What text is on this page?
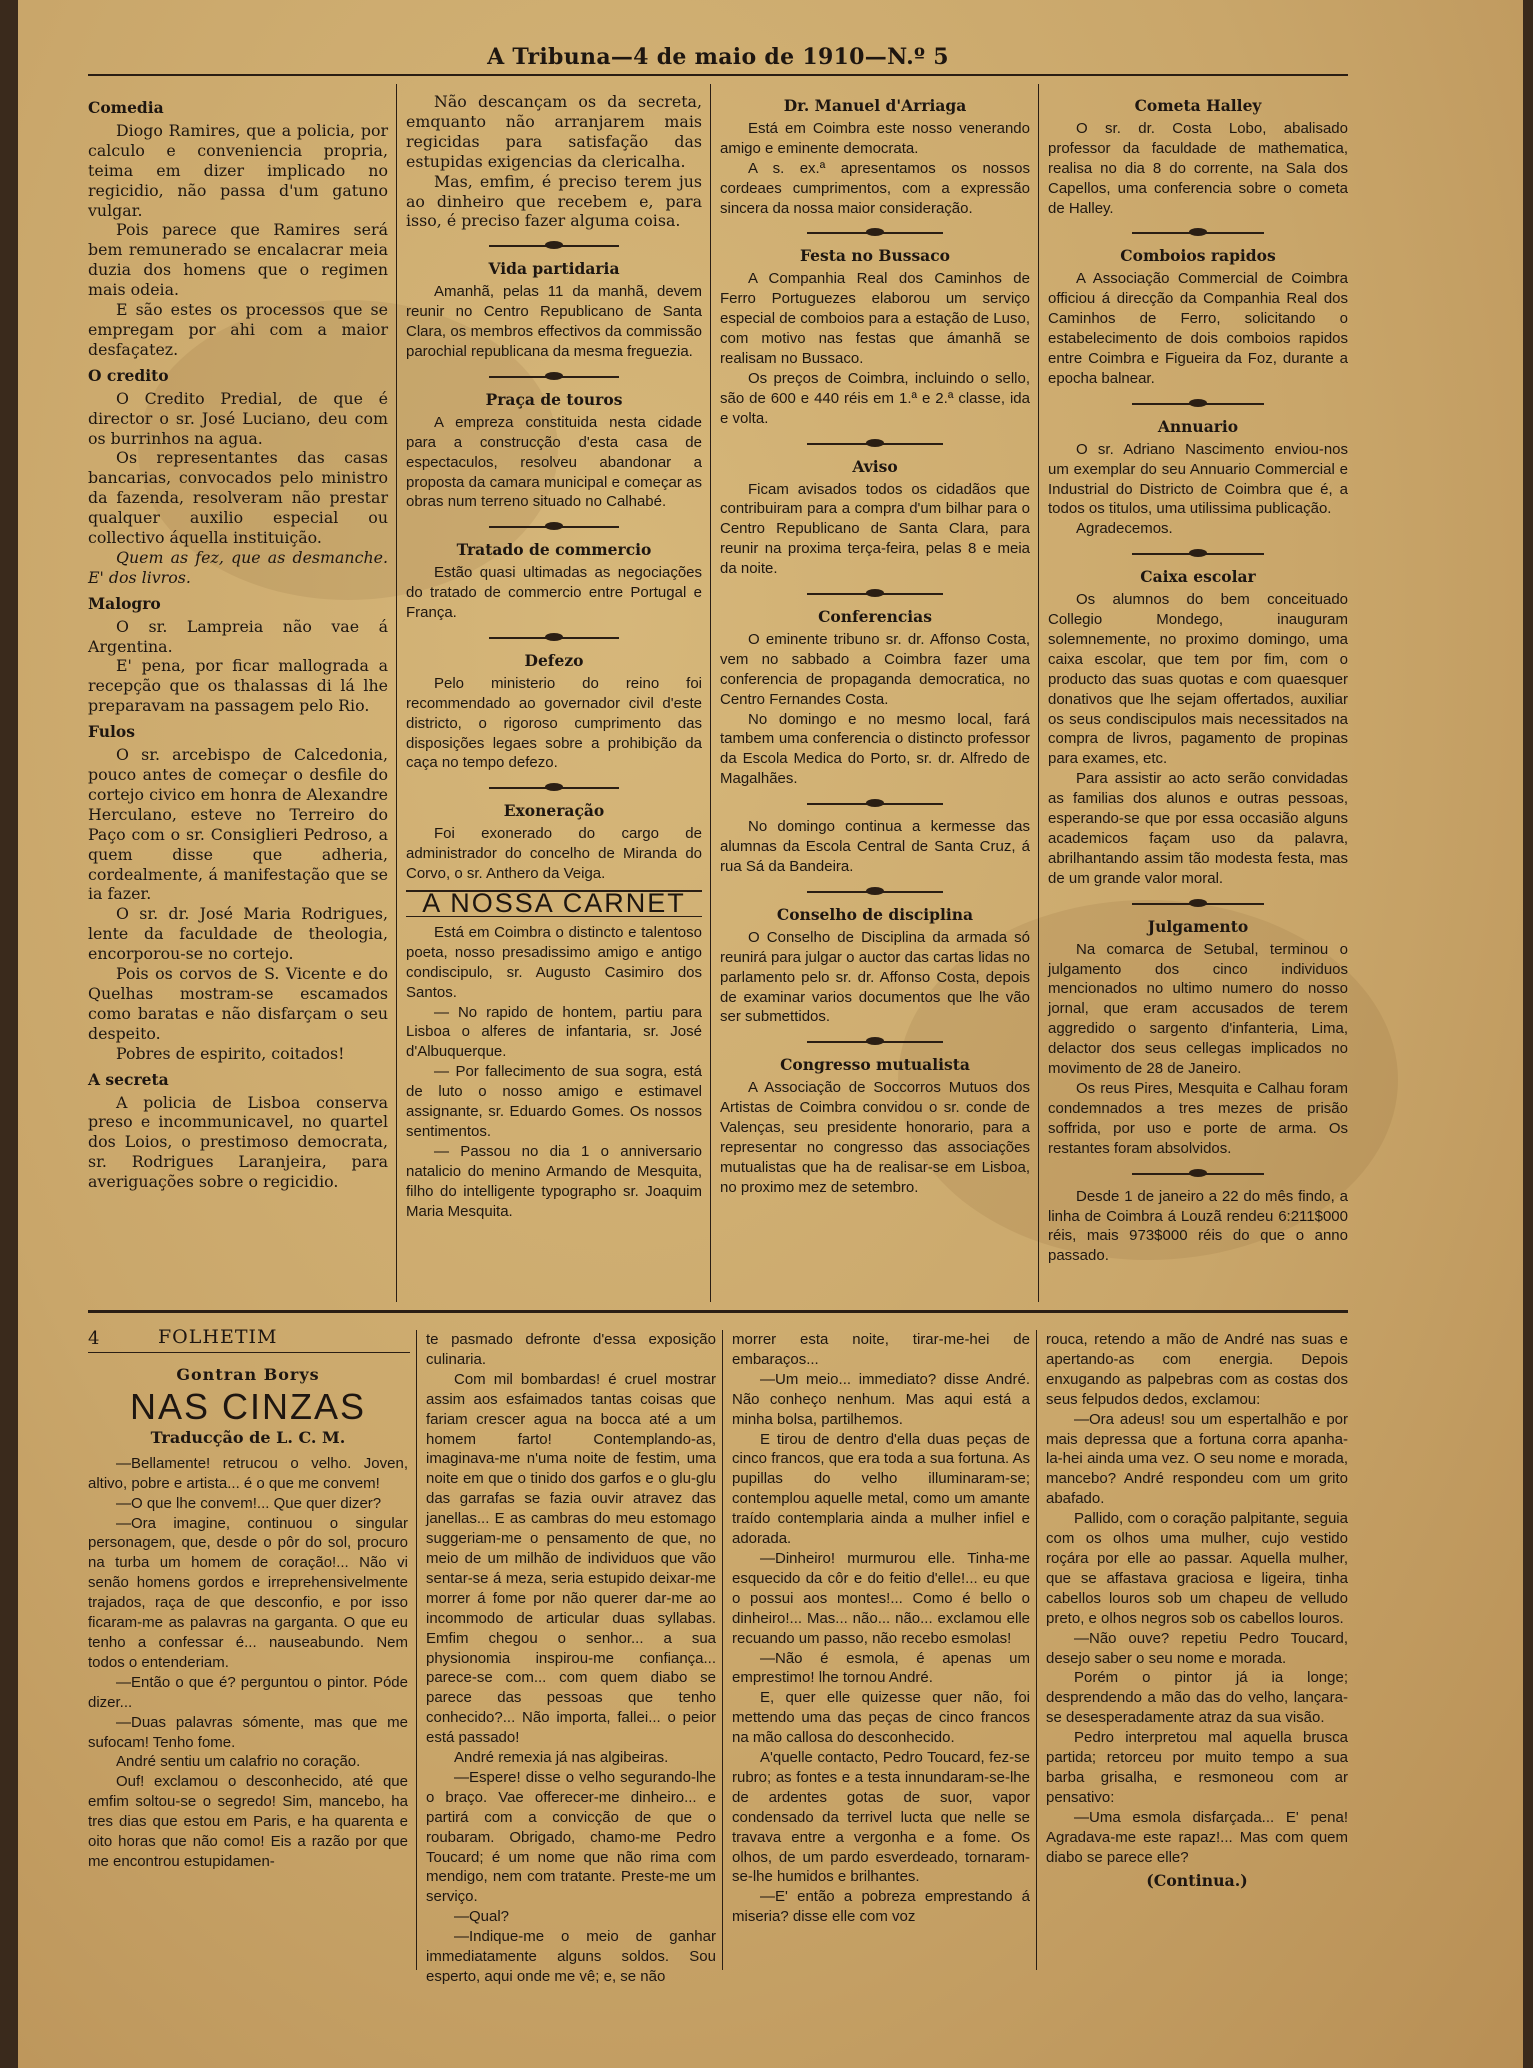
A Tribuna—4 de maio de 1910—N.º 5
Comedia

Diogo Ramires, que a policia, por calculo e conveniencia propria, teima em dizer implicado no regicidio, não passa d'um gatuno vulgar.

Pois parece que Ramires será bem remunerado se encalacrar meia duzia dos homens que o regimen mais odeia.

E são estes os processos que se empregam por ahi com a maior desfaçatez.

O credito

O Credito Predial, de que é director o sr. José Luciano, deu com os burrinhos na agua.

Os representantes das casas bancarias, convocados pelo ministro da fazenda, resolveram não prestar qualquer auxilio especial ou collectivo áquella instituição.

Quem as fez, que as desmanche. E' dos livros.

Malogro

O sr. Lampreia não vae á Argentina.

E' pena, por ficar mallograda a recepção que os thalassas di lá lhe preparavam na passagem pelo Rio.

Fulos

O sr. arcebispo de Calcedonia, pouco antes de começar o desfile do cortejo civico em honra de Alexandre Herculano, esteve no Terreiro do Paço com o sr. Consiglieri Pedroso, a quem disse que adheria, cordealmente, á manifestação que se ia fazer.

O sr. dr. José Maria Rodrigues, lente da faculdade de theologia, encorporou-se no cortejo.

Pois os corvos de S. Vicente e do Quelhas mostram-se escamados como baratas e não disfarçam o seu despeito.

Pobres de espirito, coitados!

A secreta

A policia de Lisboa conserva preso e incommunicavel, no quartel dos Loios, o prestimoso democrata, sr. Rodrigues Laranjeira, para averiguações sobre o regicidio.

Não descançam os da secreta, emquanto não arranjarem mais regicidas para satisfação das estupidas exigencias da clericalha.

Mas, emfim, é preciso terem jus ao dinheiro que recebem e, para isso, é preciso fazer alguma coisa.

Vida partidaria

Amanhã, pelas 11 da manhã, devem reunir no Centro Republicano de Santa Clara, os membros effectivos da commissão parochial republicana da mesma freguezia.

Praça de touros

A empreza constituida nesta cidade para a construcção d'esta casa de espectaculos, resolveu abandonar a proposta da camara municipal e começar as obras num terreno situado no Calhabé.

Tratado de commercio

Estão quasi ultimadas as negociações do tratado de commercio entre Portugal e França.

Defezo

Pelo ministerio do reino foi recommendado ao governador civil d'este districto, o rigoroso cumprimento das disposições legaes sobre a prohibição da caça no tempo defezo.

Exoneração

Foi exonerado do cargo de administrador do concelho de Miranda do Corvo, o sr. Anthero da Veiga.

A NOSSA CARNET

Está em Coimbra o distincto e talentoso poeta, nosso presadissimo amigo e antigo condiscipulo, sr. Augusto Casimiro dos Santos.

— No rapido de hontem, partiu para Lisboa o alferes de infantaria, sr. José d'Albuquerque.

— Por fallecimento de sua sogra, está de luto o nosso amigo e estimavel assignante, sr. Eduardo Gomes. Os nossos sentimentos.

— Passou no dia 1 o anniversario natalicio do menino Armando de Mesquita, filho do intelligente typographo sr. Joaquim Maria Mesquita.

Dr. Manuel d'Arriaga

Está em Coimbra este nosso venerando amigo e eminente democrata.

A s. ex.ª apresentamos os nossos cordeaes cumprimentos, com a expressão sincera da nossa maior consideração.

Festa no Bussaco

A Companhia Real dos Caminhos de Ferro Portuguezes elaborou um serviço especial de comboios para a estação de Luso, com motivo nas festas que ámanhã se realisam no Bussaco.

Os preços de Coimbra, incluindo o sello, são de 600 e 440 réis em 1.ª e 2.ª classe, ida e volta.

Aviso

Ficam avisados todos os cidadãos que contribuiram para a compra d'um bilhar para o Centro Republicano de Santa Clara, para reunir na proxima terça-feira, pelas 8 e meia da noite.

Conferencias

O eminente tribuno sr. dr. Affonso Costa, vem no sabbado a Coimbra fazer uma conferencia de propaganda democratica, no Centro Fernandes Costa.

No domingo e no mesmo local, fará tambem uma conferencia o distincto professor da Escola Medica do Porto, sr. dr. Alfredo de Magalhães.

No domingo continua a kermesse das alumnas da Escola Central de Santa Cruz, á rua Sá da Bandeira.

Conselho de disciplina

O Conselho de Disciplina da armada só reunirá para julgar o auctor das cartas lidas no parlamento pelo sr. dr. Affonso Costa, depois de examinar varios documentos que lhe vão ser submettidos.

Congresso mutualista

A Associação de Soccorros Mutuos dos Artistas de Coimbra convidou o sr. conde de Valenças, seu presidente honorario, para a representar no congresso das associações mutualistas que ha de realisar-se em Lisboa, no proximo mez de setembro.

Cometa Halley

O sr. dr. Costa Lobo, abalisado professor da faculdade de mathematica, realisa no dia 8 do corrente, na Sala dos Capellos, uma conferencia sobre o cometa de Halley.

Comboios rapidos

A Associação Commercial de Coimbra officiou á direcção da Companhia Real dos Caminhos de Ferro, solicitando o estabelecimento de dois comboios rapidos entre Coimbra e Figueira da Foz, durante a epocha balnear.

Annuario

O sr. Adriano Nascimento enviou-nos um exemplar do seu Annuario Commercial e Industrial do Districto de Coimbra que é, a todos os titulos, uma utilissima publicação.

Agradecemos.

Caixa escolar

Os alumnos do bem conceituado Collegio Mondego, inauguram solemnemente, no proximo domingo, uma caixa escolar, que tem por fim, com o producto das suas quotas e com quaesquer donativos que lhe sejam offertados, auxiliar os seus condiscipulos mais necessitados na compra de livros, pagamento de propinas para exames, etc.

Para assistir ao acto serão convidadas as familias dos alunos e outras pessoas, esperando-se que por essa occasião alguns academicos façam uso da palavra, abrilhantando assim tão modesta festa, mas de um grande valor moral.

Julgamento

Na comarca de Setubal, terminou o julgamento dos cinco individuos mencionados no ultimo numero do nosso jornal, que eram accusados de terem aggredido o sargento d'infanteria, Lima, delactor dos seus cellegas implicados no movimento de 28 de Janeiro.

Os reus Pires, Mesquita e Calhau foram condemnados a tres mezes de prisão soffrida, por uso e porte de arma. Os restantes foram absolvidos.

Desde 1 de janeiro a 22 do mês findo, a linha de Coimbra á Louzã rendeu 6:211$000 réis, mais 973$000 réis do que o anno passado.

4	FOLHETIM
Gontran Borys
NAS CINZAS
Traducção de L. C. M.

—Bellamente! retrucou o velho. Joven, altivo, pobre e artista... é o que me convem!

—O que lhe convem!... Que quer dizer?

—Ora imagine, continuou o singular personagem, que, desde o pôr do sol, procuro na turba um homem de coração!... Não vi senão homens gordos e irreprehensivelmente trajados, raça de que desconfio, e por isso ficaram-me as palavras na garganta. O que eu tenho a confessar é... nauseabundo. Nem todos o entenderiam.

—Então o que é? perguntou o pintor. Póde dizer...

—Duas palavras sómente, mas que me sufocam! Tenho fome.

André sentiu um calafrio no coração.

Ouf! exclamou o desconhecido, até que emfim soltou-se o segredo! Sim, mancebo, ha tres dias que estou em Paris, e ha quarenta e oito horas que não como! Eis a razão por que me encontrou estupidamen-

te pasmado defronte d'essa exposição culinaria.

Com mil bombardas! é cruel mostrar assim aos esfaimados tantas coisas que fariam crescer agua na bocca até a um homem farto! Contemplando-as, imaginava-me n'uma noite de festim, uma noite em que o tinido dos garfos e o glu-glu das garrafas se fazia ouvir atravez das janellas... E as cambras do meu estomago suggeriam-me o pensamento de que, no meio de um milhão de individuos que vão sentar-se á meza, seria estupido deixar-me morrer á fome por não querer dar-me ao incommodo de articular duas syllabas. Emfim chegou o senhor... a sua physionomia inspirou-me confiança... parece-se com... com quem diabo se parece das pessoas que tenho conhecido?... Não importa, fallei... o peior está passado!

André remexia já nas algibeiras.

—Espere! disse o velho segurando-lhe o braço. Vae offerecer-me dinheiro... e partirá com a convicção de que o roubaram. Obrigado, chamo-me Pedro Toucard; é um nome que não rima com mendigo, nem com tratante. Preste-me um serviço.

—Qual?

—Indique-me o meio de ganhar immediatamente alguns soldos. Sou esperto, aqui onde me vê; e, se não

morrer esta noite, tirar-me-hei de embaraços...

—Um meio... immediato? disse André. Não conheço nenhum. Mas aqui está a minha bolsa, partilhemos.

E tirou de dentro d'ella duas peças de cinco francos, que era toda a sua fortuna. As pupillas do velho illuminaram-se; contemplou aquelle metal, como um amante traído contemplaria ainda a mulher infiel e adorada.

—Dinheiro! murmurou elle. Tinha-me esquecido da côr e do feitio d'elle!... eu que o possui aos montes!... Como é bello o dinheiro!... Mas... não... não... exclamou elle recuando um passo, não recebo esmolas!

—Não é esmola, é apenas um emprestimo! lhe tornou André.

E, quer elle quizesse quer não, foi mettendo uma das peças de cinco francos na mão callosa do desconhecido.

A'quelle contacto, Pedro Toucard, fez-se rubro; as fontes e a testa innundaram-se-lhe de ardentes gotas de suor, vapor condensado da terrivel lucta que nelle se travava entre a vergonha e a fome. Os olhos, de um pardo esverdeado, tornaram-se-lhe humidos e brilhantes.

—E' então a pobreza emprestando á miseria? disse elle com voz

rouca, retendo a mão de André nas suas e apertando-as com energia. Depois enxugando as palpebras com as costas dos seus felpudos dedos, exclamou:

—Ora adeus! sou um espertalhão e por mais depressa que a fortuna corra apanha-la-hei ainda uma vez. O seu nome e morada, mancebo? André respondeu com um grito abafado.

Pallido, com o coração palpitante, seguia com os olhos uma mulher, cujo vestido roçára por elle ao passar. Aquella mulher, que se affastava graciosa e ligeira, tinha cabellos louros sob um chapeu de velludo preto, e olhos negros sob os cabellos louros.

—Não ouve? repetiu Pedro Toucard, desejo saber o seu nome e morada.

Porém o pintor já ia longe; desprendendo a mão das do velho, lançara-se desesperadamente atraz da sua visão.

Pedro interpretou mal aquella brusca partida; retorceu por muito tempo a sua barba grisalha, e resmoneou com ar pensativo:

—Uma esmola disfarçada... E' pena! Agradava-me este rapaz!... Mas com quem diabo se parece elle?

(Continua.)
